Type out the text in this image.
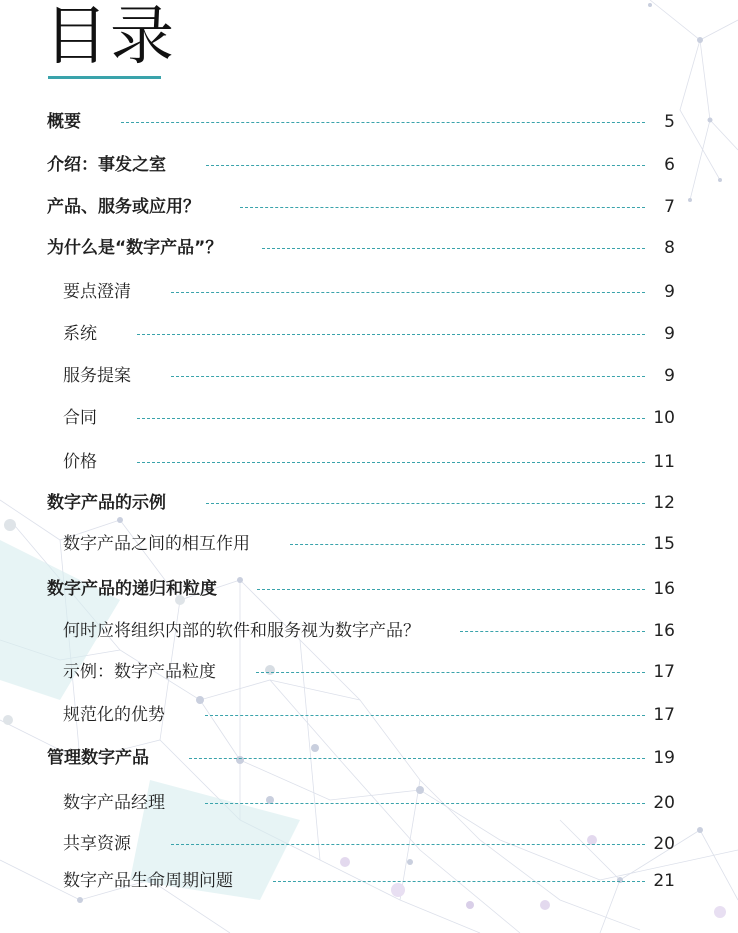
目录
概要	5
介绍：事发之室	6
产品、服务或应用？	7
为什么是“数字产品”？	8
要点澄清	9
系统	9
服务提案	9
合同	10
价格	11
数字产品的示例	12
数字产品之间的相互作用	15
数字产品的递归和粒度	16
何时应将组织内部的软件和服务视为数字产品？	16
示例：数字产品粒度	17
规范化的优势	17
管理数字产品	19
数字产品经理	20
共享资源	20
数字产品生命周期问题	21
